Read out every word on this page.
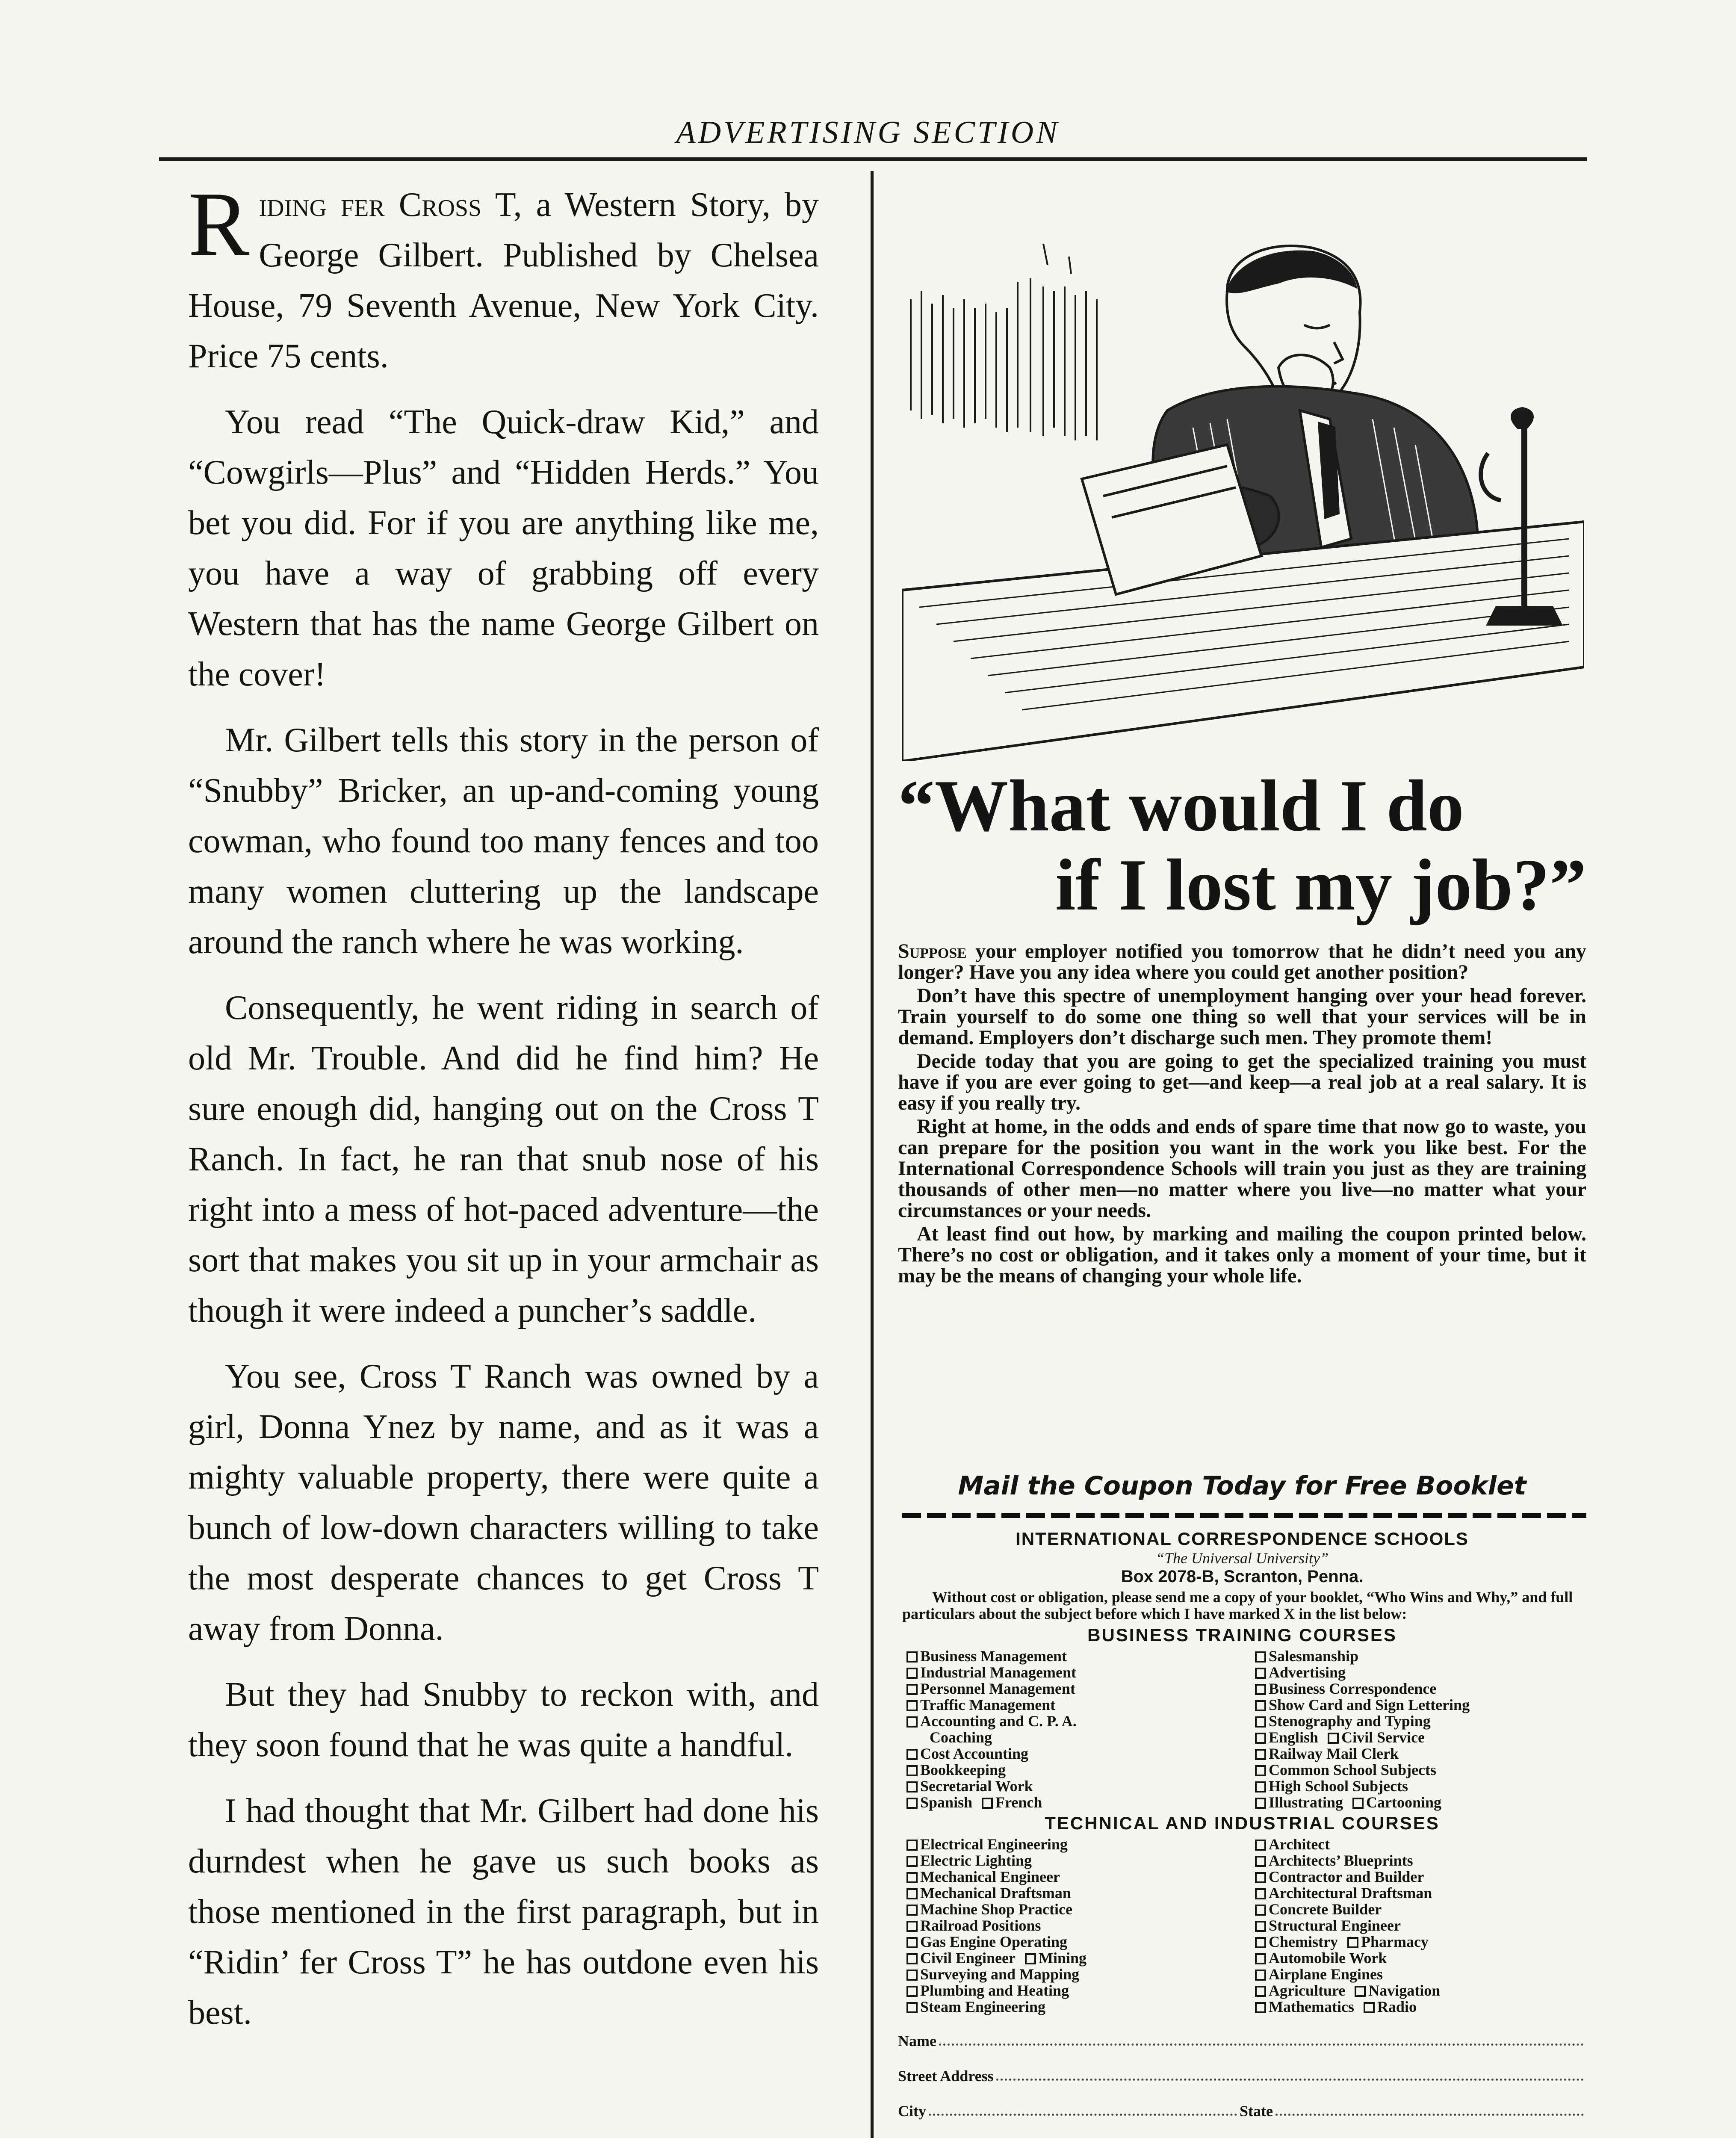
ADVERTISING SECTION

Riding fer Cross T, a Western Story, by George Gilbert. Published by Chelsea House, 79 Seventh Avenue, New York City. Price 75 cents.

You read “The Quick-draw Kid,” and “Cowgirls—Plus” and “Hidden Herds.” You bet you did. For if you are anything like me, you have a way of grabbing off every Western that has the name George Gilbert on the cover!

Mr. Gilbert tells this story in the person of “Snubby” Bricker, an up-and-coming young cowman, who found too many fences and too many women cluttering up the landscape around the ranch where he was working.

Consequently, he went riding in search of old Mr. Trouble. And did he find him? He sure enough did, hanging out on the Cross T Ranch. In fact, he ran that snub nose of his right into a mess of hot-paced adventure—the sort that makes you sit up in your armchair as though it were indeed a puncher’s saddle.

You see, Cross T Ranch was owned by a girl, Donna Ynez by name, and as it was a mighty valuable property, there were quite a bunch of low-down characters willing to take the most desperate chances to get Cross T away from Donna.

But they had Snubby to reckon with, and they soon found that he was quite a handful.

I had thought that Mr. Gilbert had done his durndest when he gave us such books as those mentioned in the first paragraph, but in “Ridin’ fer Cross T” he has outdone even his best.

“What would I do
if I lost my job?”

Suppose your employer notified you tomorrow that he didn’t need you any longer? Have you any idea where you could get another position?

Don’t have this spectre of unemployment hanging over your head forever. Train yourself to do some one thing so well that your services will be in demand. Employers don’t discharge such men. They promote them!

Decide today that you are going to get the specialized training you must have if you are ever going to get—and keep—a real job at a real salary. It is easy if you really try.

Right at home, in the odds and ends of spare time that now go to waste, you can prepare for the position you want in the work you like best. For the International Correspondence Schools will train you just as they are training thousands of other men—no matter where you live—no matter what your circumstances or your needs.

At least find out how, by marking and mailing the coupon printed below. There’s no cost or obligation, and it takes only a moment of your time, but it may be the means of changing your whole life.

Mail the Coupon Today for Free Booklet
INTERNATIONAL CORRESPONDENCE SCHOOLS
“The Universal University”
Box 2078-B, Scranton, Penna.
Without cost or obligation, please send me a copy of your booklet, “Who Wins and Why,” and full particulars about the subject before which I have marked X in the list below:
BUSINESS TRAINING COURSES
Business Management
Industrial Management
Personnel Management
Traffic Management
Accounting and C. P. A.
Coaching
Cost Accounting
Bookkeeping
Secretarial Work
Spanish French
Salesmanship
Advertising
Business Correspondence
Show Card and Sign Lettering
Stenography and Typing
English Civil Service
Railway Mail Clerk
Common School Subjects
High School Subjects
Illustrating Cartooning
TECHNICAL AND INDUSTRIAL COURSES
Electrical Engineering
Electric Lighting
Mechanical Engineer
Mechanical Draftsman
Machine Shop Practice
Railroad Positions
Gas Engine Operating
Civil Engineer Mining
Surveying and Mapping
Plumbing and Heating
Steam Engineering
Architect
Architects’ Blueprints
Contractor and Builder
Architectural Draftsman
Concrete Builder
Structural Engineer
Chemistry Pharmacy
Automobile Work
Airplane Engines
Agriculture Navigation
Mathematics Radio
Name
Street Address
City	State
